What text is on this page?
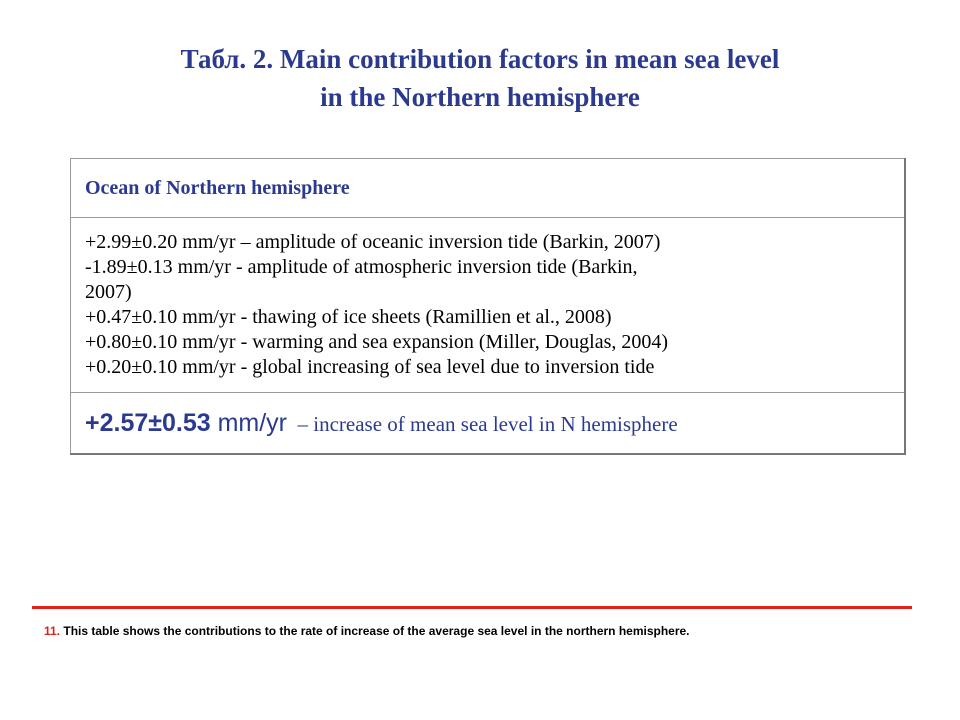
Табл. 2. Main contribution factors in mean sea level
in the Northern hemisphere
Ocean of Northern hemisphere

+2.99±0.20 mm/yr – amplitude of oceanic inversion tide (Barkin, 2007)
-1.89±0.13 mm/yr - amplitude of atmospheric inversion tide (Barkin,
2007)
+0.47±0.10 mm/yr - thawing of ice sheets (Ramillien et al., 2008)
+0.80±0.10 mm/yr - warming and sea expansion (Miller, Douglas, 2004)
+0.20±0.10 mm/yr - global increasing of sea level due to inversion tide

+2.57±0.53 mm/yr  – increase of mean sea level in N hemisphere
11. This table shows the contributions to the rate of increase of the average sea level in the northern hemisphere.
